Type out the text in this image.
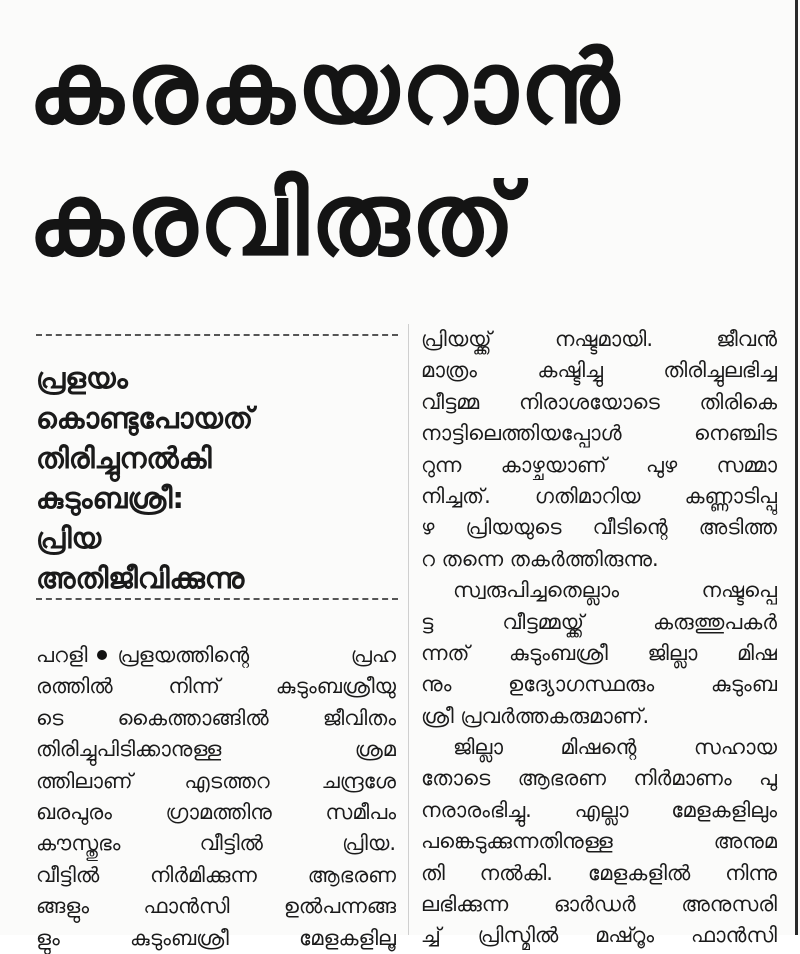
കരകയറാൻ
കരവിരുത്
പ്രളയം
കൊണ്ടുപോയത്
തിരിച്ചുനൽകി
കുടുംബശ്രീ:
പ്രിയ
അതിജീവിക്കുന്നു
പറളി പ്രളയത്തിന്റെ പ്രഹ
രത്തിൽ നിന്ന് കുടുംബശ്രീയു
ടെ കൈത്താങ്ങിൽ ജീവിതം
തിരിച്ചുപിടിക്കാനുള്ള ശ്രമ
ത്തിലാണ് എടത്തറ ചന്ദ്രശേ
ഖരപുരം ഗ്രാമത്തിനു സമീപം
കൗസ്തുഭം വീട്ടിൽ പ്രിയ.
വീട്ടിൽ നിർമിക്കുന്ന ആഭരണ
ങ്ങളും ഫാൻസി ഉൽപന്നങ്ങ
ളും കുടുംബശ്രീ മേളകളിലൂ
പ്രിയയ്ക്ക് നഷ്ടമായി. ജീവൻ
മാത്രം കഷ്ടിച്ചു തിരിച്ചുലഭിച്ച
വീട്ടമ്മ നിരാശയോടെ തിരികെ
നാട്ടിലെത്തിയപ്പോൾ നെഞ്ചിട
റുന്ന കാഴ്ചയാണ് പുഴ സമ്മാ
നിച്ചത്. ഗതിമാറിയ കണ്ണാടിപ്പു
ഴ പ്രിയയുടെ വീടിന്റെ അടിത്ത
റ തന്നെ തകർത്തിരുന്നു.
സ്വരുപിച്ചതെല്ലാം നഷ്ടപ്പെ
ട്ട വീട്ടമ്മയ്ക്ക് കരുത്തുപകർ
ന്നത് കുടുംബശ്രീ ജില്ലാ മിഷ
നും ഉദ്യോഗസ്ഥരും കുടുംബ
ശ്രീ പ്രവർത്തകരുമാണ്.
ജില്ലാ മിഷന്റെ സഹായ
തോടെ ആഭരണ നിർമാണം പു
നരാരംഭിച്ചു. എല്ലാ മേളകളിലും
പങ്കെടുക്കുന്നതിനുള്ള അനുമ
തി നൽകി. മേളകളിൽ നിന്നു
ലഭിക്കുന്ന ഓർഡർ അനുസരി
ച്ച് പ്രിസ്മിൽ മഷ്റൂം ഫാൻസി
